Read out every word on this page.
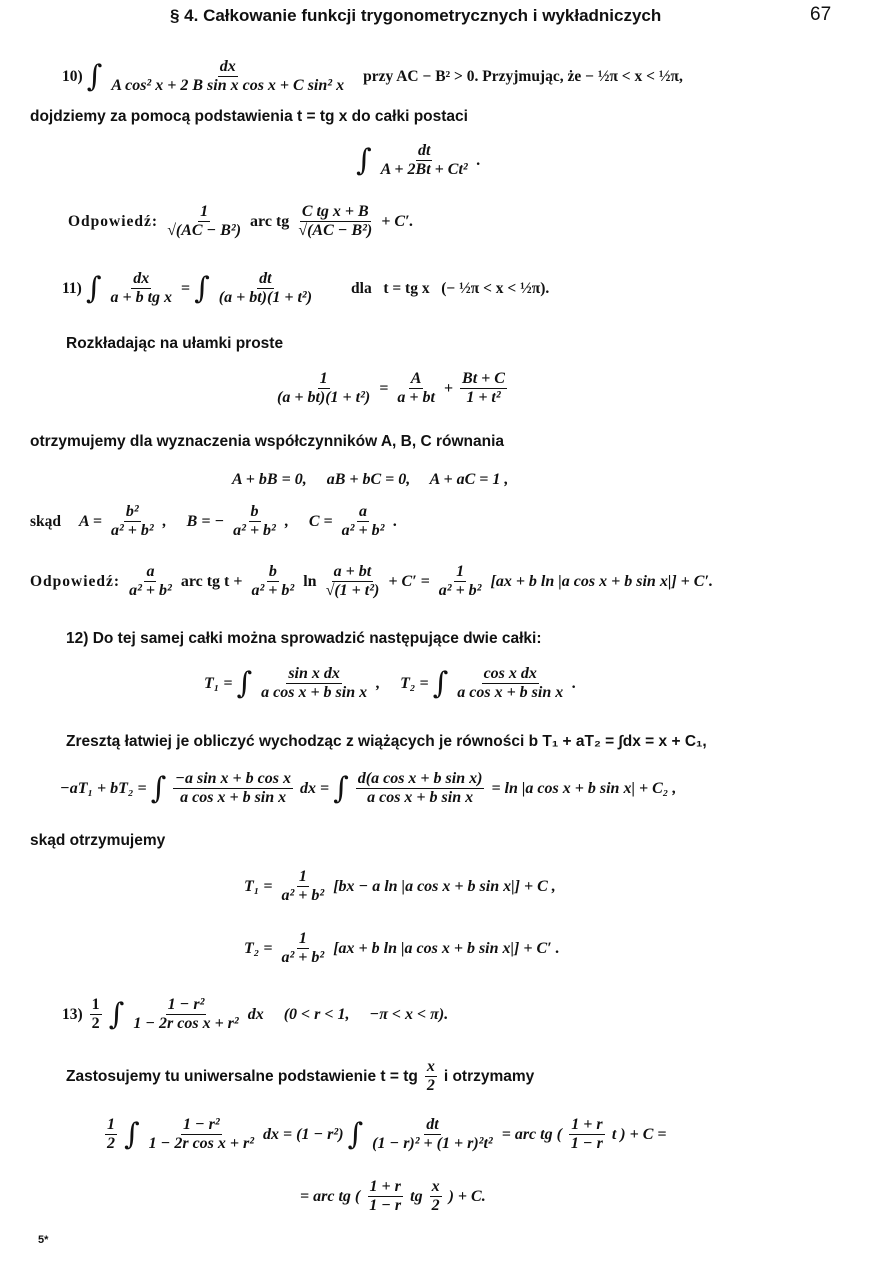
§ 4. Całkowanie funkcji trygonometrycznych i wykładniczych	67
10) ∫ $\frac{dx}{\text{A cos² x + 2 B sin x cos x + C sin² x}}$ przy AC − B² > 0. Przyjmując, że − ½π < x < ½π,
dojdziemy za pomocą podstawienia t = tg x do całki postaci
∫ $\frac{dt}{\text{A + 2Bt + Ct²}}$ .
Odpowiedź: $\frac{1}{\text{√(AC − B²)}}$ arc tg $\frac{\text{C tg x + B}}{\text{√(AC − B²)}} + C'$.
11) ∫ $\frac{dx}{\text{a + b tg x}}$ = ∫ $\frac{dt}{\text{(a + bt)(1 + t²)}}$ dla   t = tg x   (− ½π < x < ½π).
Rozkładając na ułamki proste
$\frac{1}{\text{(a + bt)(1 + t²)}} = \frac{A}{a + bt} + \frac{Bt + C}{\text{1 + t²}}$
otrzymujemy dla wyznaczenia współczynników A, B, C równania
A + bB = 0,     aB + bC = 0,     A + aC = 1 ,
skąd $A = \frac{\text{b²}}{\text{a² + b²}}$ ,     B = − $\frac{b}{\text{a² + b²}}$ ,     $C = \frac{a}{\text{a² + b²}}$ .
Odpowiedź: $\frac{a}{\text{a² + b²}}$ arc tg $t + \frac{b}{\text{a² + b²}}$ $\ln \frac{a + bt}{\text{√(1 + t²)}} + C' = \frac{1}{\text{a² + b²}} [ax + b$ ln |a cos x + b sin x|] + C′.
12) Do tej samej całki można sprowadzić następujące dwie całki:
T₁ = ∫ $\frac{\text{sin x dx}}{\text{a cos x + b sin x}}$ ,     T₂ = ∫ $\frac{\text{cos x dx}}{\text{a cos x + b sin x}}$ .
Zresztą łatwiej je obliczyć wychodząc z wiążących je równości b T₁ + aT₂ = ∫dx = x + C₁,
−aT₁ + bT₂ = ∫ $\frac{\text{−a sin x + b cos x}}{\text{a cos x + b sin x}}$ dx = ∫ $\frac{\text{d(a cos x + b sin x)}}{\text{a cos x + b sin x}} = \ln |a$ cos x + b sin x| + C₂ ,
skąd otrzymujemy
$T_1 = \frac{1}{\text{a² + b²}} [bx - a$ ln |a cos x + b sin x|] + C ,
$T_2 = \frac{1}{\text{a² + b²}} [ax + b$ ln |a cos x + b sin x|] + C′ .
$13) \frac{1}{2}$ ∫ $\frac{\text{1 − r²}}{\text{1 − 2r cos x + r²}}$ dx     (0 < r < 1,     −π < x < π).
Zastosujemy tu uniwersalne podstawienie t = tg $\frac{x}{2}$ i otrzymamy
$\frac{1}{2}$ ∫ $\frac{\text{1 − r²}}{\text{1 − 2r cos x + r²}}$ dx = (1 − r²) ∫ $\frac{dt}{\text{(1 − r)² + (1 + r)²t²}}$ = arc tg ( $\frac{1 + r}{1 - r}$ t ) + C =
= arc tg ( $\frac{1 + r}{1 - r}$ tg $\frac{x}{2}$ ) + C.
5*
